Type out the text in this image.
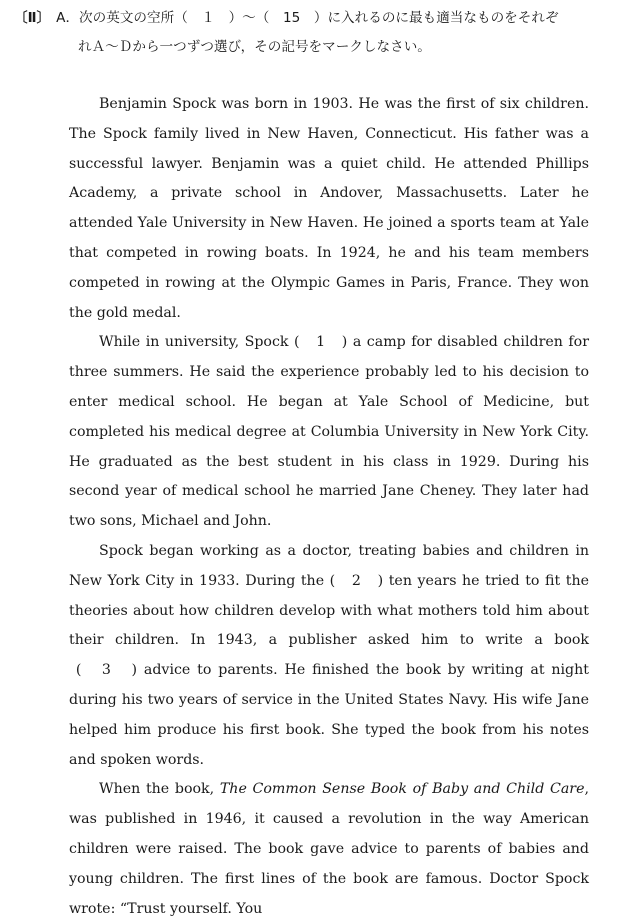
〔Ⅱ〕 A．次の英文の空所（　１　）〜（　15　）に入れるのに最も適当なものをそれぞ
れＡ〜Ｄから一つずつ選び，その記号をマークしなさい。

Benjamin Spock was born in 1903. He was the first of six children. The Spock family lived in New Haven, Connecticut. His father was a successful lawyer. Benjamin was a quiet child. He attended Phillips Academy, a private school in Andover, Massachusetts. Later he attended Yale University in New Haven. He joined a sports team at Yale that competed in rowing boats. In 1924, he and his team members competed in rowing at the Olympic Games in Paris, France. They won the gold medal.

While in university, Spock (   1   ) a camp for disabled children for three summers. He said the experience probably led to his decision to enter medical school. He began at Yale School of Medicine, but completed his medical degree at Columbia University in New York City. He graduated as the best student in his class in 1929. During his second year of medical school he married Jane Cheney. They later had two sons, Michael and John.

Spock began working as a doctor, treating babies and children in New York City in 1933. During the (   2   ) ten years he tried to fit the theories about how children develop with what mothers told him about their children. In 1943, a publisher asked him to write a book (   3   ) advice to parents. He finished the book by writing at night during his two years of service in the United States Navy. His wife Jane helped him produce his first book. She typed the book from his notes and spoken words.

When the book, The Common Sense Book of Baby and Child Care, was published in 1946, it caused a revolution in the way American children were raised. The book gave advice to parents of babies and young children. The first lines of the book are famous. Doctor Spock wrote: “Trust yourself. You
